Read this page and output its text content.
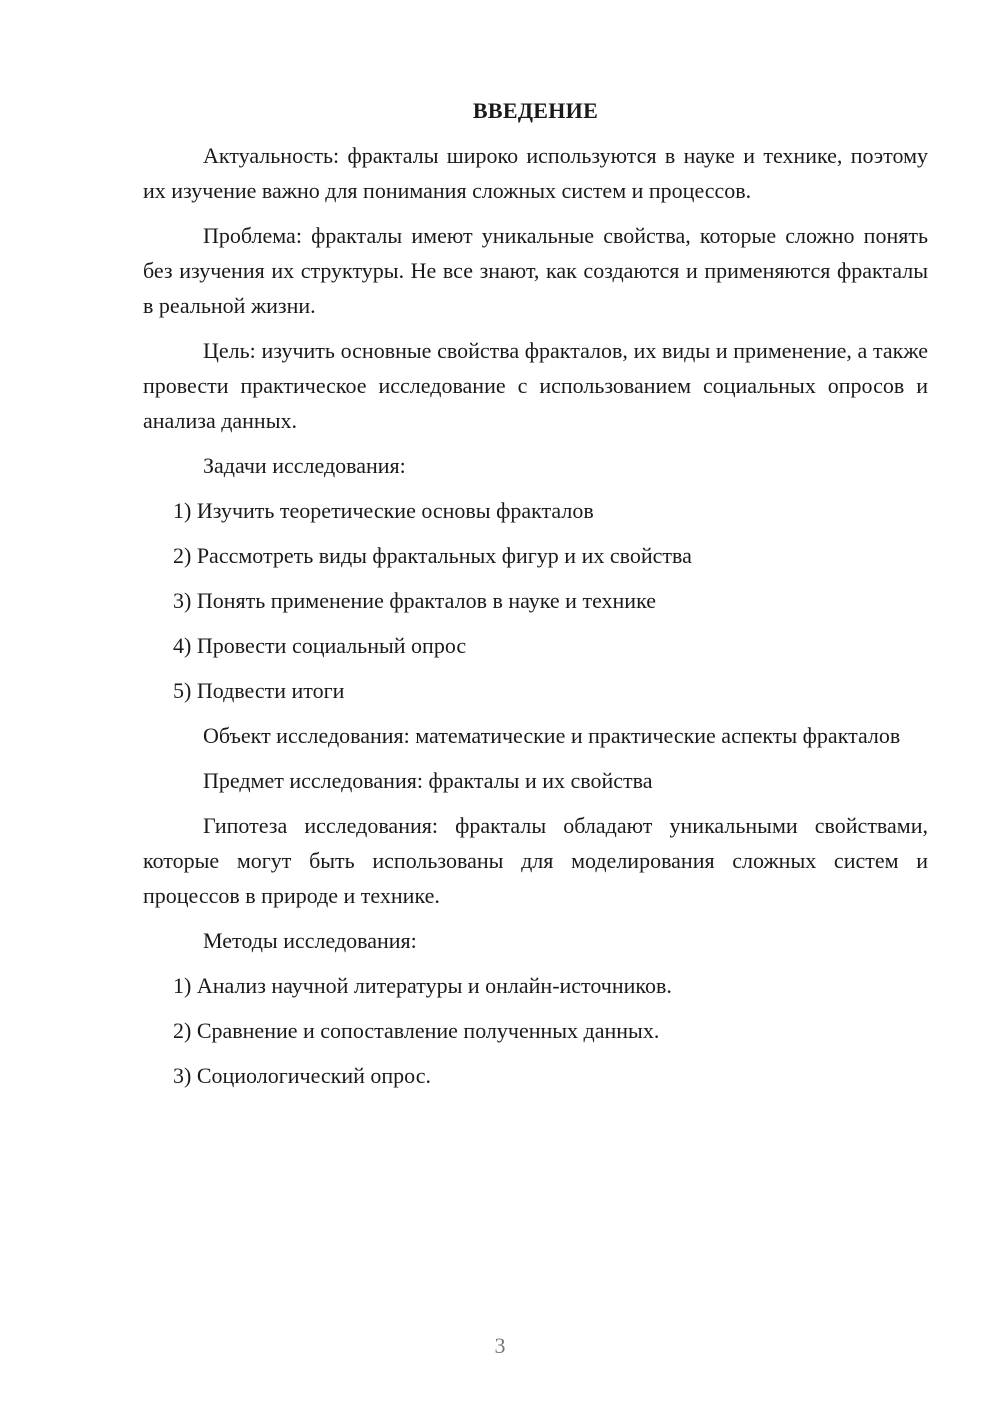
ВВЕДЕНИЕ

Актуальность: фракталы широко используются в науке и технике, поэтому их изучение важно для понимания сложных систем и процессов.

Проблема: фракталы имеют уникальные свойства, которые сложно понять без изучения их структуры. Не все знают, как создаются и применяются фракталы в реальной жизни.

Цель: изучить основные свойства фракталов, их виды и применение, а также провести практическое исследование с использованием социальных опросов и анализа данных.

Задачи исследования:

1) Изучить теоретические основы фракталов

2) Рассмотреть виды фрактальных фигур и их свойства

3) Понять применение фракталов в науке и технике

4) Провести социальный опрос

5) Подвести итоги

Объект исследования: математические и практические аспекты фракталов

Предмет исследования: фракталы и их свойства

Гипотеза исследования: фракталы обладают уникальными свойствами, которые могут быть использованы для моделирования сложных систем и процессов в природе и технике.

Методы исследования:

1) Анализ научной литературы и онлайн-источников.

2) Сравнение и сопоставление полученных данных.

3) Социологический опрос.

3
